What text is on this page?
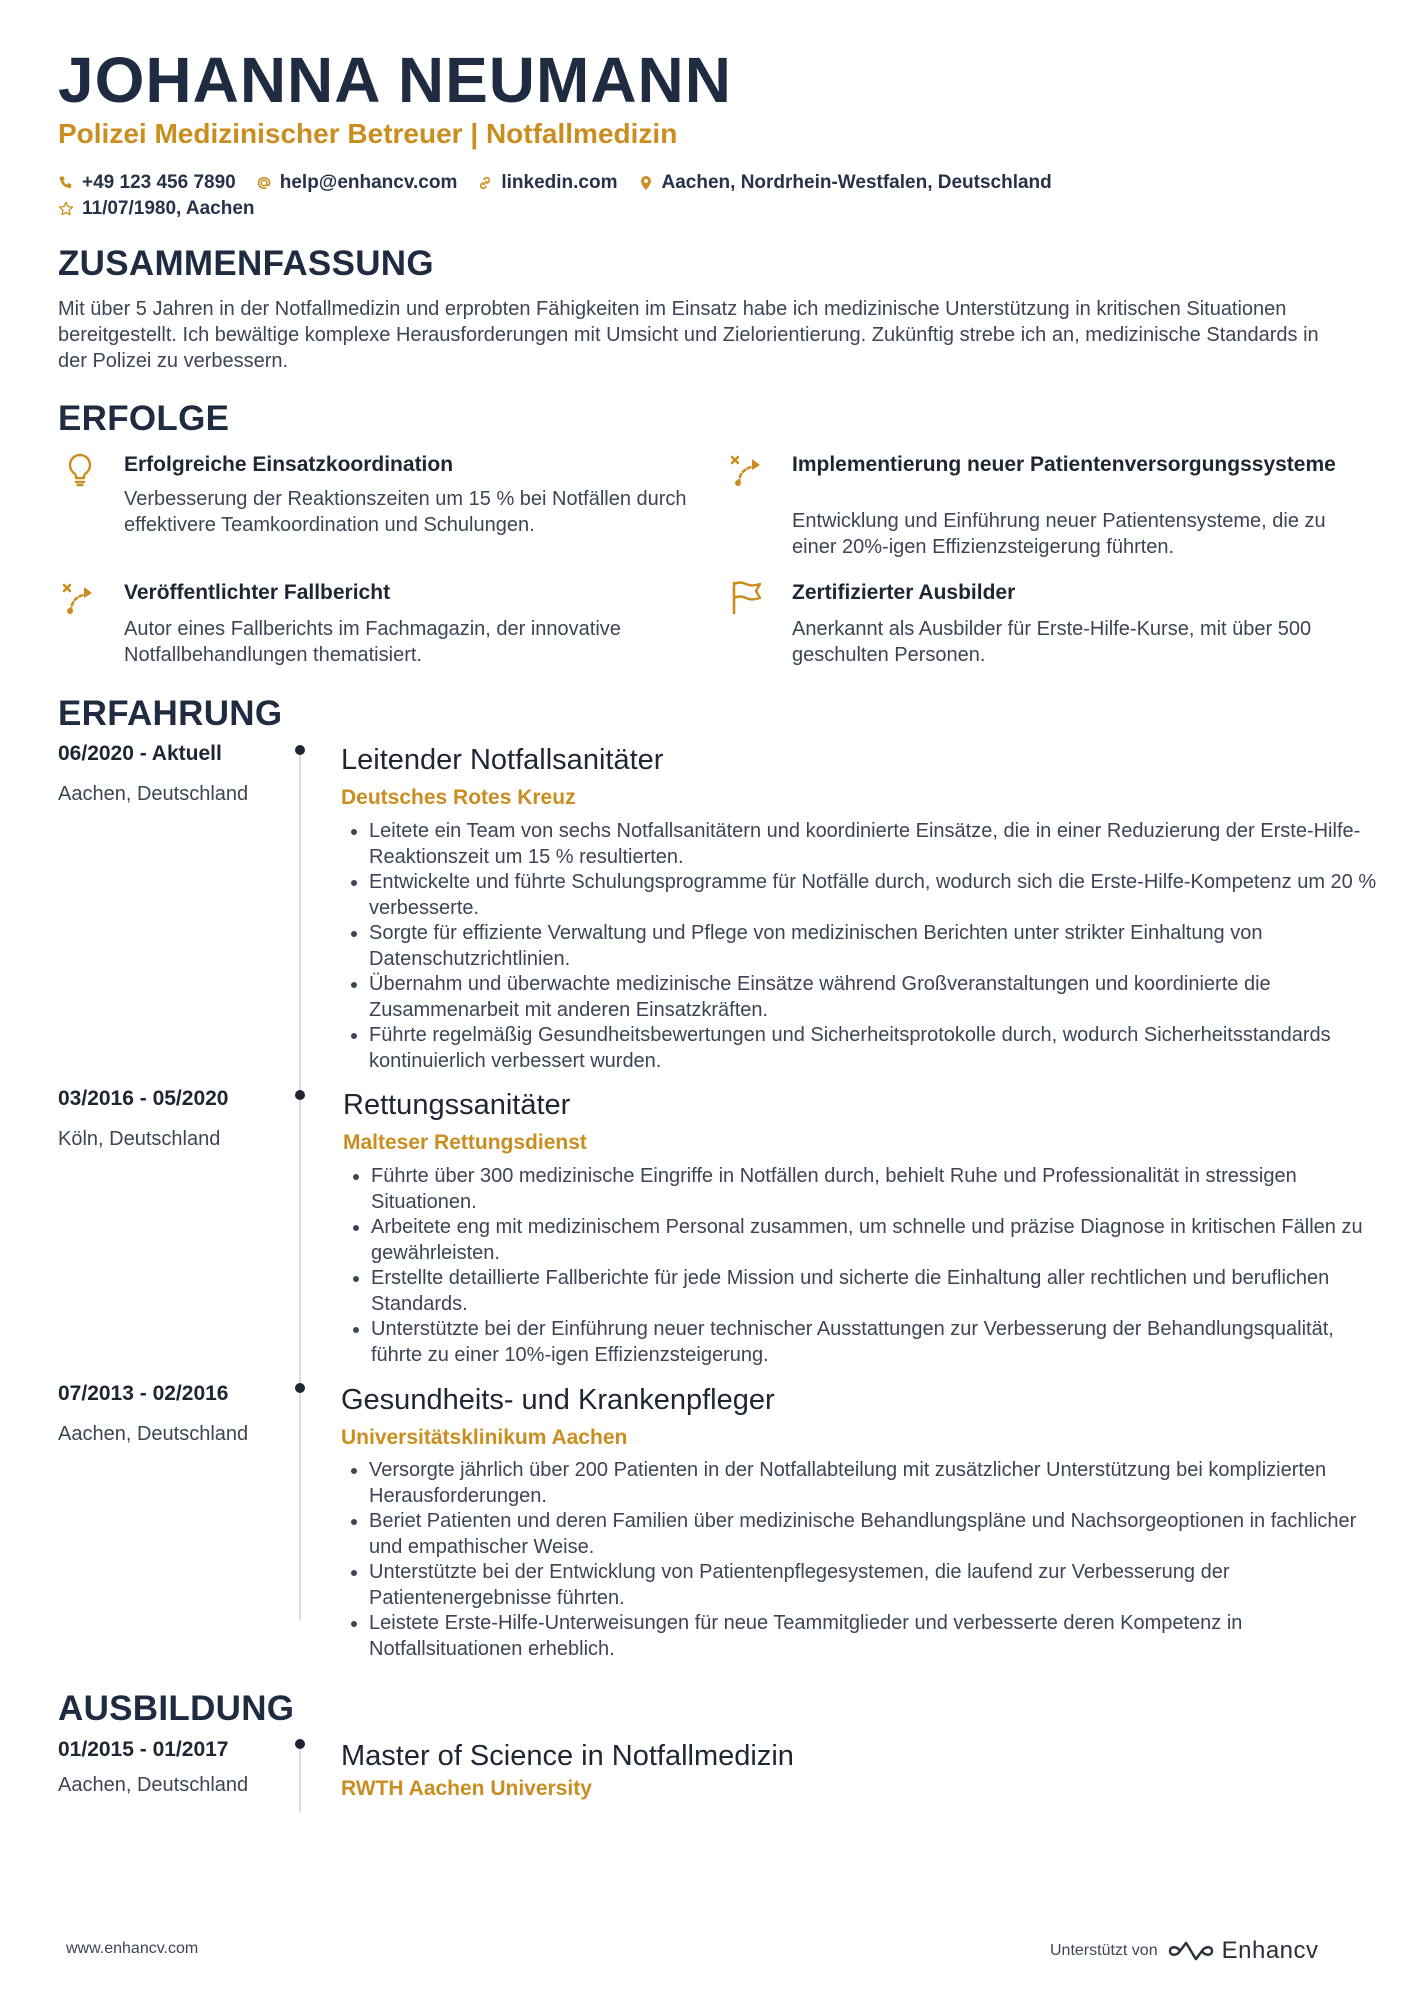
JOHANNA NEUMANN
Polizei Medizinischer Betreuer | Notfallmedizin
+49 123 456 7890 help@enhancv.com linkedin.com Aachen, Nordrhein-Westfalen, Deutschland
11/07/1980, Aachen
ZUSAMMENFASSUNG
Mit über 5 Jahren in der Notfallmedizin und erprobten Fähigkeiten im Einsatz habe ich medizinische Unterstützung in kritischen Situationen bereitgestellt. Ich bewältige komplexe Herausforderungen mit Umsicht und Zielorientierung. Zukünftig strebe ich an, medizinische Standards in der Polizei zu verbessern.
ERFOLGE
Erfolgreiche Einsatzkoordination
Verbesserung der Reaktionszeiten um 15 % bei Notfällen durch effektivere Teamkoordination und Schulungen.
Implementierung neuer Patientenversorgungssysteme
Entwicklung und Einführung neuer Patientensysteme, die zu einer 20%-igen Effizienzsteigerung führten.
Veröffentlichter Fallbericht
Autor eines Fallberichts im Fachmagazin, der innovative Notfallbehandlungen thematisiert.
Zertifizierter Ausbilder
Anerkannt als Ausbilder für Erste-Hilfe-Kurse, mit über 500 geschulten Personen.
ERFAHRUNG
06/2020 - Aktuell
Aachen, Deutschland
Leitender Notfallsanitäter
Deutsches Rotes Kreuz
• Leitete ein Team von sechs Notfallsanitätern und koordinierte Einsätze, die in einer Reduzierung der Erste-Hilfe-Reaktionszeit um 15 % resultierten.
• Entwickelte und führte Schulungsprogramme für Notfälle durch, wodurch sich die Erste-Hilfe-Kompetenz um 20 % verbesserte.
• Sorgte für effiziente Verwaltung und Pflege von medizinischen Berichten unter strikter Einhaltung von Datenschutzrichtlinien.
• Übernahm und überwachte medizinische Einsätze während Großveranstaltungen und koordinierte die Zusammenarbeit mit anderen Einsatzkräften.
• Führte regelmäßig Gesundheitsbewertungen und Sicherheitsprotokolle durch, wodurch Sicherheitsstandards kontinuierlich verbessert wurden.
03/2016 - 05/2020
Köln, Deutschland
Rettungssanitäter
Malteser Rettungsdienst
• Führte über 300 medizinische Eingriffe in Notfällen durch, behielt Ruhe und Professionalität in stressigen Situationen.
• Arbeitete eng mit medizinischem Personal zusammen, um schnelle und präzise Diagnose in kritischen Fällen zu gewährleisten.
• Erstellte detaillierte Fallberichte für jede Mission und sicherte die Einhaltung aller rechtlichen und beruflichen Standards.
• Unterstützte bei der Einführung neuer technischer Ausstattungen zur Verbesserung der Behandlungsqualität, führte zu einer 10%-igen Effizienzsteigerung.
07/2013 - 02/2016
Aachen, Deutschland
Gesundheits- und Krankenpfleger
Universitätsklinikum Aachen
• Versorgte jährlich über 200 Patienten in der Notfallabteilung mit zusätzlicher Unterstützung bei komplizierten Herausforderungen.
• Beriet Patienten und deren Familien über medizinische Behandlungspläne und Nachsorgeoptionen in fachlicher und empathischer Weise.
• Unterstützte bei der Entwicklung von Patientenpflegesystemen, die laufend zur Verbesserung der Patientenergebnisse führten.
• Leistete Erste-Hilfe-Unterweisungen für neue Teammitglieder und verbesserte deren Kompetenz in Notfallsituationen erheblich.
AUSBILDUNG
01/2015 - 01/2017
Aachen, Deutschland
Master of Science in Notfallmedizin
RWTH Aachen University
www.enhancv.com	Unterstützt von	Enhancv
